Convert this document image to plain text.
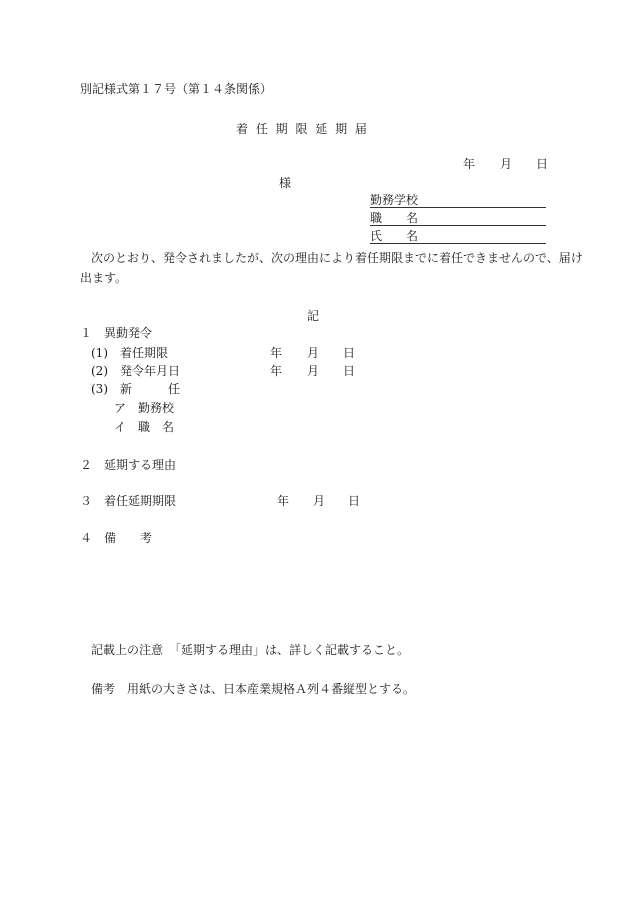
別記様式第１７号（第１４条関係）
着 任 期 限 延 期 届
年 月 日
様
勤務学校
職　　名
氏　　名
次のとおり、発令されましたが、次の理由により着任期限までに着任できませんので、届け
出ます。
記
１　異動発令
(1)　着任期限	年 月 日
(2)　発令年月日	年 月 日
(3)　新　　　任
ア　勤務校
イ　職　名
２　延期する理由
３　着任延期期限	年 月 日
４　備　　考
記載上の注意　「延期する理由」は、詳しく記載すること。
備考　用紙の大きさは、日本産業規格Ａ列４番縦型とする。
